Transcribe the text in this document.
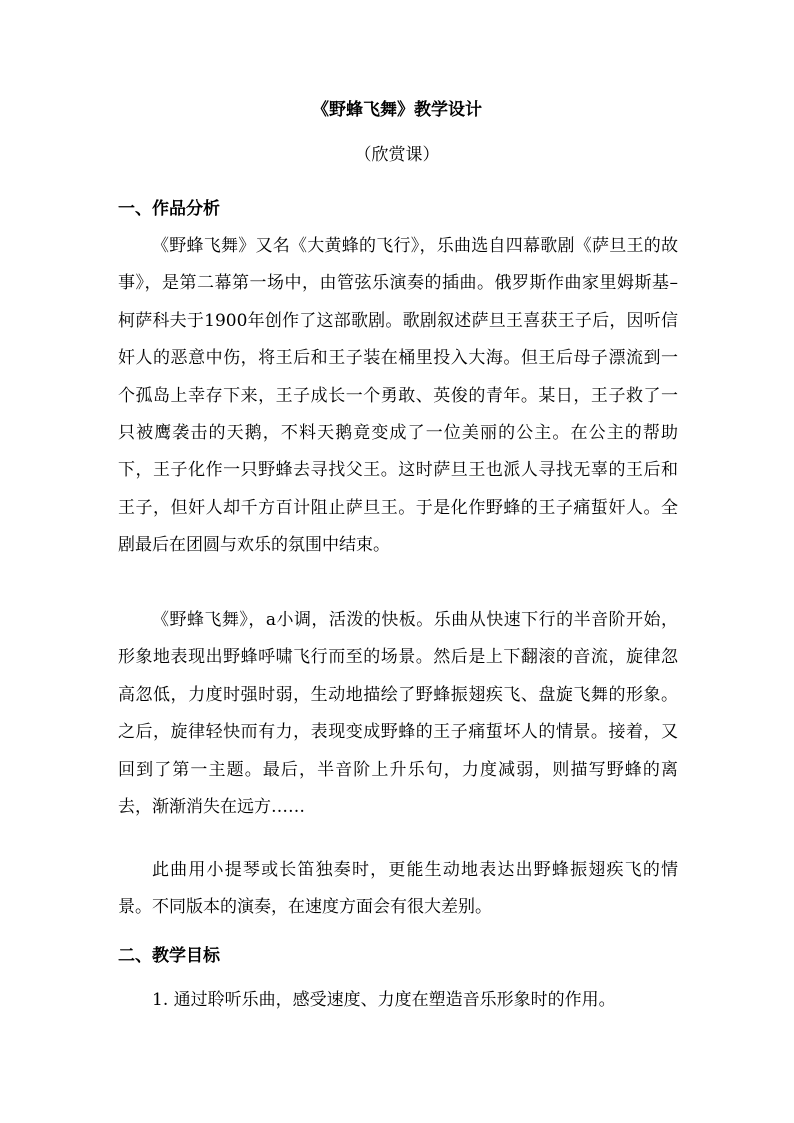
《野蜂飞舞》教学设计
（欣赏课）
一、作品分析

《野蜂飞舞》又名《大黄蜂的飞行》，乐曲选自四幕歌剧《萨旦王的故事》，是第二幕第一场中，由管弦乐演奏的插曲。俄罗斯作曲家里姆斯基–柯萨科夫于1900年创作了这部歌剧。歌剧叙述萨旦王喜获王子后，因听信奸人的恶意中伤，将王后和王子装在桶里投入大海。但王后母子漂流到一个孤岛上幸存下来，王子成长一个勇敢、英俊的青年。某日，王子救了一只被鹰袭击的天鹅，不料天鹅竟变成了一位美丽的公主。在公主的帮助下，王子化作一只野蜂去寻找父王。这时萨旦王也派人寻找无辜的王后和王子，但奸人却千方百计阻止萨旦王。于是化作野蜂的王子痛蜇奸人。全剧最后在团圆与欢乐的氛围中结束。

《野蜂飞舞》，a小调，活泼的快板。乐曲从快速下行的半音阶开始，形象地表现出野蜂呼啸飞行而至的场景。然后是上下翻滚的音流，旋律忽高忽低，力度时强时弱，生动地描绘了野蜂振翅疾飞、盘旋飞舞的形象。之后，旋律轻快而有力，表现变成野蜂的王子痛蜇坏人的情景。接着，又回到了第一主题。最后，半音阶上升乐句，力度减弱，则描写野蜂的离去，渐渐消失在远方……

此曲用小提琴或长笛独奏时，更能生动地表达出野蜂振翅疾飞的情景。不同版本的演奏，在速度方面会有很大差别。

二、教学目标
1. 通过聆听乐曲，感受速度、力度在塑造音乐形象时的作用。
